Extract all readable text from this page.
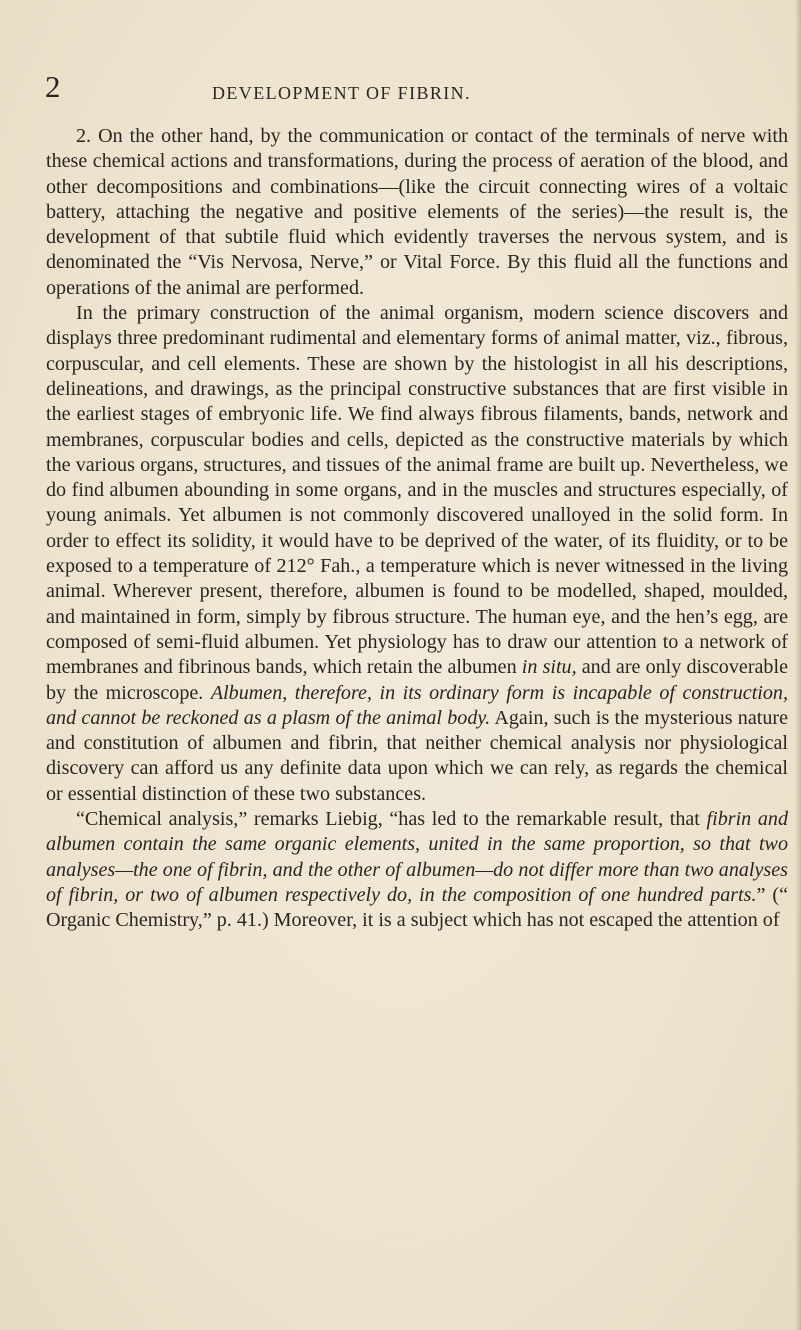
2	DEVELOPMENT OF FIBRIN.

2. On the other hand, by the communication or contact of the terminals of nerve with these chemical actions and transformations, during the process of aeration of the blood, and other decompositions and combinations—(like the circuit connecting wires of a voltaic battery, attaching the negative and positive elements of the series)—the result is, the development of that subtile fluid which evidently traverses the nervous system, and is denominated the “Vis Nervosa, Nerve,” or Vital Force. By this fluid all the functions and operations of the animal are performed.

In the primary construction of the animal organism, modern science discovers and displays three predominant rudimental and elementary forms of animal matter, viz., fibrous, corpuscular, and cell elements. These are shown by the histologist in all his descriptions, delineations, and drawings, as the principal constructive substances that are first visible in the earliest stages of embryonic life. We find always fibrous filaments, bands, network and membranes, corpuscular bodies and cells, depicted as the constructive materials by which the various organs, structures, and tissues of the animal frame are built up. Nevertheless, we do find albumen abounding in some organs, and in the muscles and structures especially, of young animals. Yet albumen is not commonly discovered unalloyed in the solid form. In order to effect its solidity, it would have to be deprived of the water, of its fluidity, or to be exposed to a temperature of 212° Fah., a temperature which is never witnessed in the living animal. Wherever present, therefore, albumen is found to be modelled, shaped, moulded, and maintained in form, simply by fibrous structure. The human eye, and the hen’s egg, are composed of semi-fluid albumen. Yet physiology has to draw our attention to a network of membranes and fibrinous bands, which retain the albumen in situ, and are only discoverable by the microscope. Albumen, therefore, in its ordinary form is incapable of construction, and cannot be reckoned as a plasm of the animal body. Again, such is the mysterious nature and constitution of albumen and fibrin, that neither chemical analysis nor physiological discovery can afford us any definite data upon which we can rely, as regards the chemical or essential distinction of these two substances.

“Chemical analysis,” remarks Liebig, “has led to the remarkable result, that fibrin and albumen contain the same organic elements, united in the same proportion, so that two analyses—the one of fibrin, and the other of albumen—do not differ more than two analyses of fibrin, or two of albumen respectively do, in the composition of one hundred parts.” (“ Organic Chemistry,” p. 41.) Moreover, it is a subject which has not escaped the attention of
